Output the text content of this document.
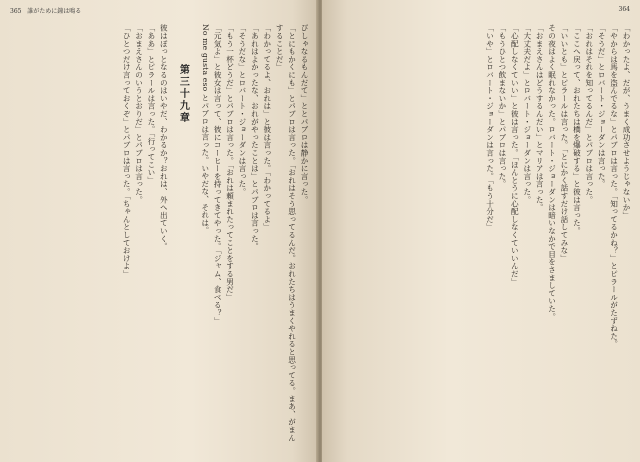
365 誰がために鐘は鳴る
ぴしゃなるもんだて」ととパブロは静かに言った。
「とにもかくにも」とパブロは言った。「おれはそう思ってるんだ。おれたちはうまくやれると思ってる。まあ、がまんすることだ」
「わかってるよ、おれは」と彼は言った。「わかってるよ」
「あれはよかったな、おれがやったことは」とパブロは言った。
「そうだな」とロバート・ジョーダンは言った。
「もう一杯どうだ」とパブロは言った。「おれは頼まれたってことをする男だ」
「元気よ」と彼女は言って、彼にコーヒーを持ってきてやった。「ジャム、食べる？」
No me gusta eso とパブロは言った。いやだな、それは。
第三十九章
彼はぼっとなるのはいやだ、わかるか？おれは、外へ出ていく。
「ああ」とピラールは言った。「行ってこい」
「おまえさんのいうとおりだ」とパブロは言った。
「ひとつだけ言っておくぞ」とパブロは言った。「ちゃんとしておけよ」
364
「わかったよ、だが、うまく成功させようじゃないか」
「やからは馬を盗んでるな」とパブロは言った。「知ってるかね？」とピラールがたずねた。
「そうだ」とロバート・ジョーダンは言った。
「おれはそれを知ってるんだ」とパブロは言った。
「ここへ戻って、おれたちは橋を爆破する」と彼は言った。
「いいとも」とピラールは言った。「とにかく話すだけ話してみな」
その夜はよく眠れなかった。ロバート・ジョーダンは暗いなかで目をさましていた。
「おまえさんはどうするんだい」とマリアは言った。
「大丈夫だよ」とロバート・ジョーダンは言った。
「心配しなくていい」と彼は言った。「ほんとうに心配しなくていいんだ」
「もうひとつ飲まないか」とパブロは言った。
「いや」とロバート・ジョーダンは言った。「もう十分だ」
